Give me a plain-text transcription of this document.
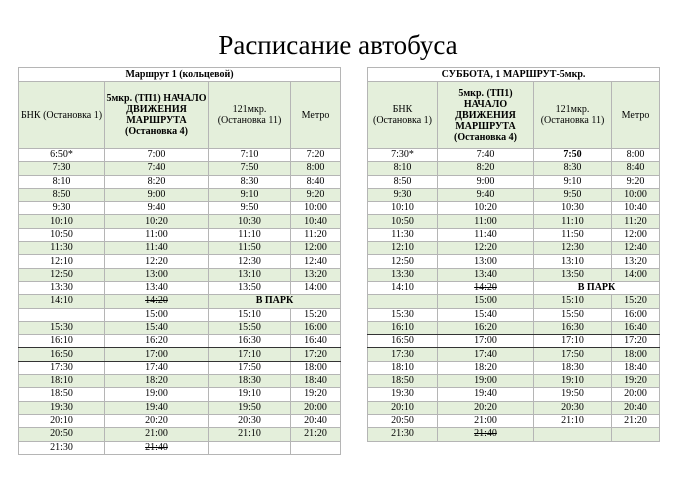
Расписание автобуса
Маршрут 1 (кольцевой)			
БНК (Остановка 1)	5мкр. (ТП1) НАЧАЛО ДВИЖЕНИЯ МАРШРУТА (Остановка 4)	121мкр. (Остановка 11)	Метро
6:50*	7:00	7:10	7:20
7:30	7:40	7:50	8:00
8:10	8:20	8:30	8:40
8:50	9:00	9:10	9:20
9:30	9:40	9:50	10:00
10:10	10:20	10:30	10:40
10:50	11:00	11:10	11:20
11:30	11:40	11:50	12:00
12:10	12:20	12:30	12:40
12:50	13:00	13:10	13:20
13:30	13:40	13:50	14:00
14:10	14:20	В ПАРК	
	15:00	15:10	15:20
15:30	15:40	15:50	16:00
16:10	16:20	16:30	16:40
16:50	17:00	17:10	17:20
17:30	17:40	17:50	18:00
18:10	18:20	18:30	18:40
18:50	19:00	19:10	19:20
19:30	19:40	19:50	20:00
20:10	20:20	20:30	20:40
20:50	21:00	21:10	21:20
21:30	21:40		
СУББОТА, 1 МАРШРУТ-5мкр.			
БНК (Остановка 1)	5мкр. (ТП1) НАЧАЛО ДВИЖЕНИЯ МАРШРУТА (Остановка 4)	121мкр. (Остановка 11)	Метро
7:30*	7:40	7:50	8:00
8:10	8:20	8:30	8:40
8:50	9:00	9:10	9:20
9:30	9:40	9:50	10:00
10:10	10:20	10:30	10:40
10:50	11:00	11:10	11:20
11:30	11:40	11:50	12:00
12:10	12:20	12:30	12:40
12:50	13:00	13:10	13:20
13:30	13:40	13:50	14:00
14:10	14:20	В ПАРК	
	15:00	15:10	15:20
15:30	15:40	15:50	16:00
16:10	16:20	16:30	16:40
16:50	17:00	17:10	17:20
17:30	17:40	17:50	18:00
18:10	18:20	18:30	18:40
18:50	19:00	19:10	19:20
19:30	19:40	19:50	20:00
20:10	20:20	20:30	20:40
20:50	21:00	21:10	21:20
21:30	21:40		
